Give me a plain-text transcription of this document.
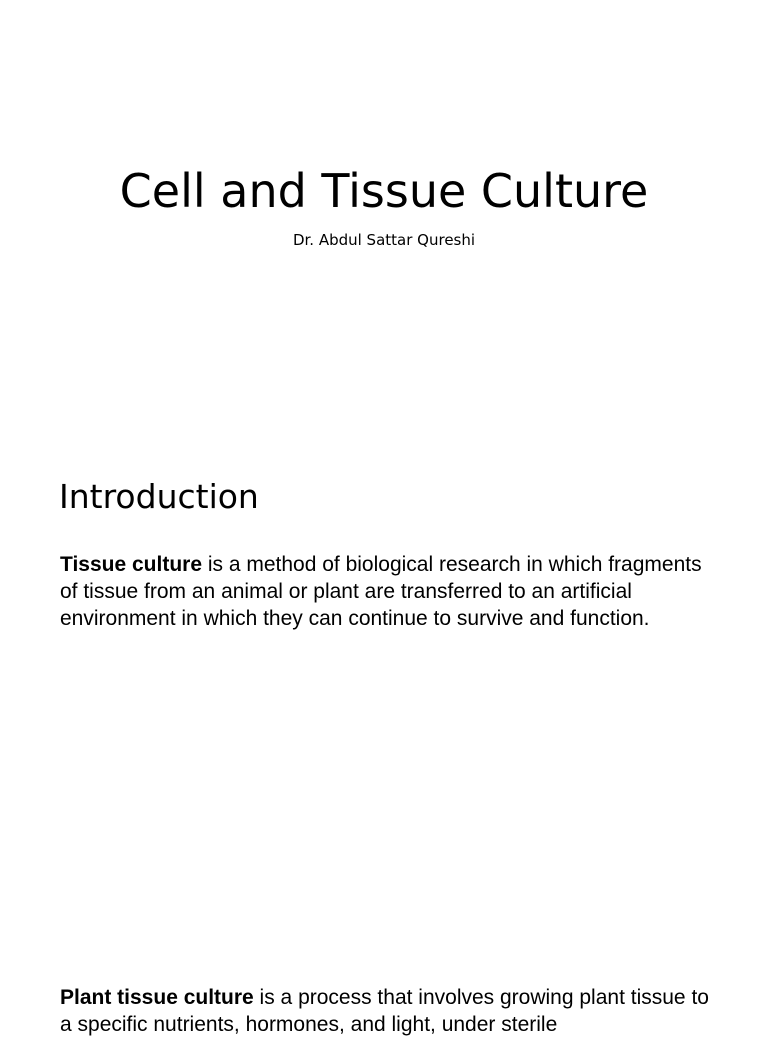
Cell and Tissue Culture
Dr. Abdul Sattar Qureshi
Introduction

Tissue culture is a method of biological research in which fragments of tissue from an animal or plant are transferred to an artificial environment in which they can continue to survive and function.

Plant tissue culture is a process that involves growing plant tissue to a specific nutrients, hormones, and light, under sterile
